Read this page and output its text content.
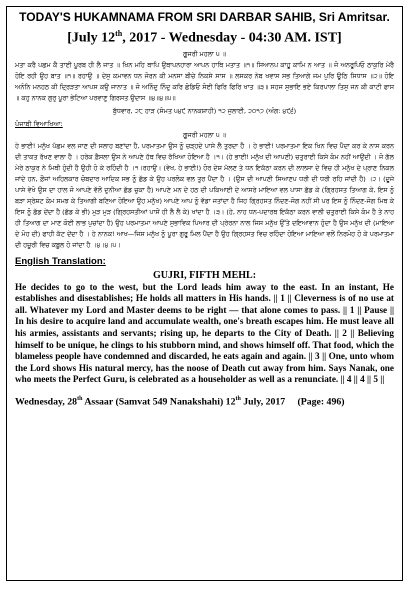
TODAY'S HUKAMNAMA FROM SRI DARBAR SAHIB, Sri Amritsar.

[July 12th, 2017 - Wednesday - 04:30 AM. IST]

ਗੂਜਰੀ ਮਹਲਾ ੫ ॥

ਮਤਾ ਕਰੈ ਪਛਮ ਕੈ ਤਾਈ ਪੂਰਬ ਹੀ ਲੈ ਜਾਤ ॥ ਖਿਨ ਮਹਿ ਥਾਪਿ ਉਥਾਪਨਹਾਰਾ ਆਪਨ ਹਾਥਿ ਮਤਾਤ ॥੧॥ ਸਿਆਨਪ ਕਾਹੂ ਕਾਮਿ ਨ ਆਤ ॥ ਜੋ ਅਨਰੂਪਿਓ ਠਾਕੁਰਿ ਮੇਰੈ ਹੋਇ ਰਹੀ ਉਹ ਬਾਤ ॥੧॥ ਰਹਾਉ ॥ ਦੇਸੁ ਕਮਾਵਨ ਧਨ ਜੋਰਨ ਕੀ ਮਨਸਾ ਬੀਚੇ ਨਿਕਸੇ ਸਾਸ ॥ ਲਸਕਰ ਨੇਬ ਖਵਾਸ ਸਭ ਤਿਆਗੇ ਜਮ ਪੁਰਿ ਊਠਿ ਸਿਧਾਸ ॥੨॥ ਹੋਇ ਅਨੰਨਿ ਮਨਹਠ ਕੀ ਦ੍ਰਿੜਤਾ ਆਪਸ ਕਉ ਜਾਨਾਤ ॥ ਜੋ ਅਨਿੰਦੁ ਨਿੰਦੁ ਕਰਿ ਛੋਡਿਓ ਸੋਈ ਫਿਰਿ ਫਿਰਿ ਖਾਤ ॥੩॥ ਸਹਜ ਸੁਭਾਇ ਭਏ ਕਿਰਪਾਲਾ ਤਿਸੁ ਜਨ ਕੀ ਕਾਟੀ ਫਾਸ ॥ ਕਹੁ ਨਾਨਕ ਗੁਰੁ ਪੂਰਾ ਭੇਟਿਆ ਪਰਵਾਣੁ ਗਿਰਸਤ ਉਦਾਸ ॥੪॥੪॥੫॥

ਬੁੱਧਵਾਰ, ੨੮ ਹਾੜ (ਸੰਮਤ ੫੪੯ ਨਾਨਕਸ਼ਾਹੀ) ੧੨ ਜੁਲਾਈ, ੨੦੧੭ (ਅੰਗ: ੪੯੬)

ਪੰਜਾਬੀ ਵਿਆਖਿਆ:

ਗੂਜਰੀ ਮਹਲਾ ੫ ॥

ਹੇ ਭਾਈ! ਮਨੁੱਖ ਪੱਛਮ ਵਲ ਜਾਣ ਦੀ ਸਲਾਹ ਬਣਾਂਦਾ ਹੈ, ਪਰਮਾਤਮਾ ਉਸ ਨੂੰ ਚੜ੍ਹਦੇ ਪਾਸੇ ਲੈ ਤੁਰਦਾ ਹੈ । ਹੇ ਭਾਈ! ਪਰਮਾਤਮਾ ਇਕ ਖਿਨ ਵਿਚ ਪੈਦਾ ਕਰ ਕੇ ਨਾਸ ਕਰਨ ਦੀ ਤਾਕਤ ਰੱਖਣ ਵਾਲਾ ਹੈ । ਹਰੇਕ ਫ਼ੈਸਲਾ ਉਸ ਨੇ ਆਪਣੇ ਹੱਥ ਵਿਚ ਰੱਖਿਆ ਹੋਇਆ ਹੈ ।੧। (ਹੇ ਭਾਈ! ਮਨੁੱਖ ਦੀ ਆਪਣੀ) ਚਤੁਰਾਈ ਕਿਸੇ ਕੰਮ ਨਹੀਂ ਆਉਂਦੀ । ਜੋ ਗੱਲ ਮੇਰੇ ਠਾਕੁਰ ਨੇ ਮਿਥੀ ਹੁੰਦੀ ਹੈ ਉਹੀ ਹੋ ਕੇ ਰਹਿੰਦੀ ਹੈ ।੧।ਰਹਾਉ। (ਵੇਖ, ਹੇ ਭਾਈ!) ਹੋਰ ਦੇਸ਼ ਮੱਲਣ ਤੇ ਧਨ ਇਕੱਠਾ ਕਰਨ ਦੀ ਲਾਲਸਾ ਦੇ ਵਿਚ ਹੀ ਮਨੁੱਖ ਦੇ ਪ੍ਰਾਣ ਨਿਕਲ ਜਾਂਦੇ ਹਨ, ਫ਼ੌਜਾਂ ਅਹਿਲਕਾਰ ਚੋਬਦਾਰ ਆਦਿਕ ਸਭ ਨੂੰ ਛੱਡ ਕੇ ਉਹ ਪਰਲੋਕ ਵਲ ਤੁਰ ਪੈਂਦਾ ਹੈ । (ਉਸ ਦੀ ਆਪਣੀ ਸਿਆਣਪ ਧਰੀ ਦੀ ਧਰੀ ਰਹਿ ਜਾਂਦੀ ਹੈ) ।੨। (ਦੂਜੇ ਪਾਸੇ ਵੇਖੋ ਉਸ ਦਾ ਹਾਲ ਜੋ ਆਪਣੇ ਵੱਲੋਂ ਦੁਨੀਆ ਛੱਡ ਚੁਕਾ ਹੈ) ਆਪਣੇ ਮਨ ਦੇ ਹਠ ਦੀ ਪਕਿਆਈ ਦੇ ਆਸਰੇ ਮਾਇਆ ਵਲ ਪਾਸਾ ਛੱਡ ਕੇ (ਗ੍ਰਿਹਸਤ ਤਿਆਗ ਕੇ, ਇਸ ਨੂੰ ਬੜਾ ਸ੍ਰੇਸ਼ਟ ਕੰਮ ਸਮਝ ਕੇ ਤਿਆਗੀ ਬਣਿਆ ਹੋਇਆ ਉਹ ਮਨੁੱਖ) ਆਪਣੇ ਆਪ ਨੂੰ ਵੱਡਾ ਜਤਾਂਦਾ ਹੈ ਜਿਹ ਗ੍ਰਿਹਸਤ ਨਿੰਦਣ-ਜੋਗ ਨਹੀਂ ਸੀ ਪਰ ਇਸ ਨੂੰ ਨਿੰਦਣ-ਜੋਗ ਮਿਥ ਕੇ ਇਸ ਨੂੰ ਛੱਡ ਦੇਂਦਾ ਹੈ (ਛੱਡ ਕੇ ਭੀ) ਮੁੜ ਮੁੜ (ਗ੍ਰਿਹਸਤੀਆਂ ਪਾਸੋਂ ਹੀ ਲੈ ਲੈ ਕੇ) ਖਾਂਦਾ ਹੈ ।੩। (ਹੇ, ਨਾਹ ਧਨ-ਪਦਾਰਥ ਇਕੱਠਾ ਕਰਨ ਵਾਲੀ ਚਤੁਰਾਈ ਕਿਸੇ ਕੰਮ ਹੈ ਤੇ ਨਾਹ ਹੀ ਤਿਆਗ ਦਾ ਮਾਣ ਕੋਈ ਲਾਭ ਪੁਚਾਂਦਾ ਹੈ) ਉਹ ਪਰਮਾਤਮਾ ਆਪਣੇ ਸੁਭਾਵਿਕ ਪਿਆਰ ਦੀ ਪ੍ਰੇਰਨਾ ਨਾਲ ਜਿਸ ਮਨੁੱਖ ਉੱਤੇ ਦਇਆਵਾਨ ਹੁੰਦਾ ਹੈ ਉਸ ਮਨੁੱਖ ਦੀ (ਮਾਇਆ ਦੇ ਮੋਹ ਦੀ) ਫਾਹੀ ਕੱਟ ਦੇਂਦਾ ਹੈ । ਹੇ ਨਾਨਕ! ਆਖ—ਜਿਸ ਮਨੁੱਖ ਨੂੰ ਪੂਰਾ ਗੁਰੂ ਮਿਲ ਪੈਂਦਾ ਹੈ ਉਹ ਗ੍ਰਿਹਸਤ ਵਿਚ ਰਹਿੰਦਾ ਹੋਇਆ ਮਾਇਆ ਵਲੋਂ ਨਿਰਮੋਹ ਹੋ ਕੇ ਪਰਮਾਤਮਾ ਦੀ ਹਜ਼ੂਰੀ ਵਿਚ ਕਬੂਲ ਹੋ ਜਾਂਦਾ ਹੈ ।੪।੪।੫।

English Translation:

GUJRI, FIFTH MEHL:

He decides to go to the west, but the Lord leads him away to the east. In an instant, He establishes and disestablishes; He holds all matters in His hands. || 1 || Cleverness is of no use at all. Whatever my Lord and Master deems to be right — that alone comes to pass. || 1 || Pause || In his desire to acquire land and accumulate wealth, one's breath escapes him. He must leave all his armies, assistants and servants; rising up, he departs to the City of Death. || 2 || Believing himself to be unique, he clings to his stubborn mind, and shows himself off. That food, which the blameless people have condemned and discarded, he eats again and again. || 3 || One, unto whom the Lord shows His natural mercy, has the noose of Death cut away from him. Says Nanak, one who meets the Perfect Guru, is celebrated as a householder as well as a renunciate. || 4 || 4 || 5 ||

Wednesday, 28th Assaar (Samvat 549 Nanakshahi) 12th July, 2017 (Page: 496)
